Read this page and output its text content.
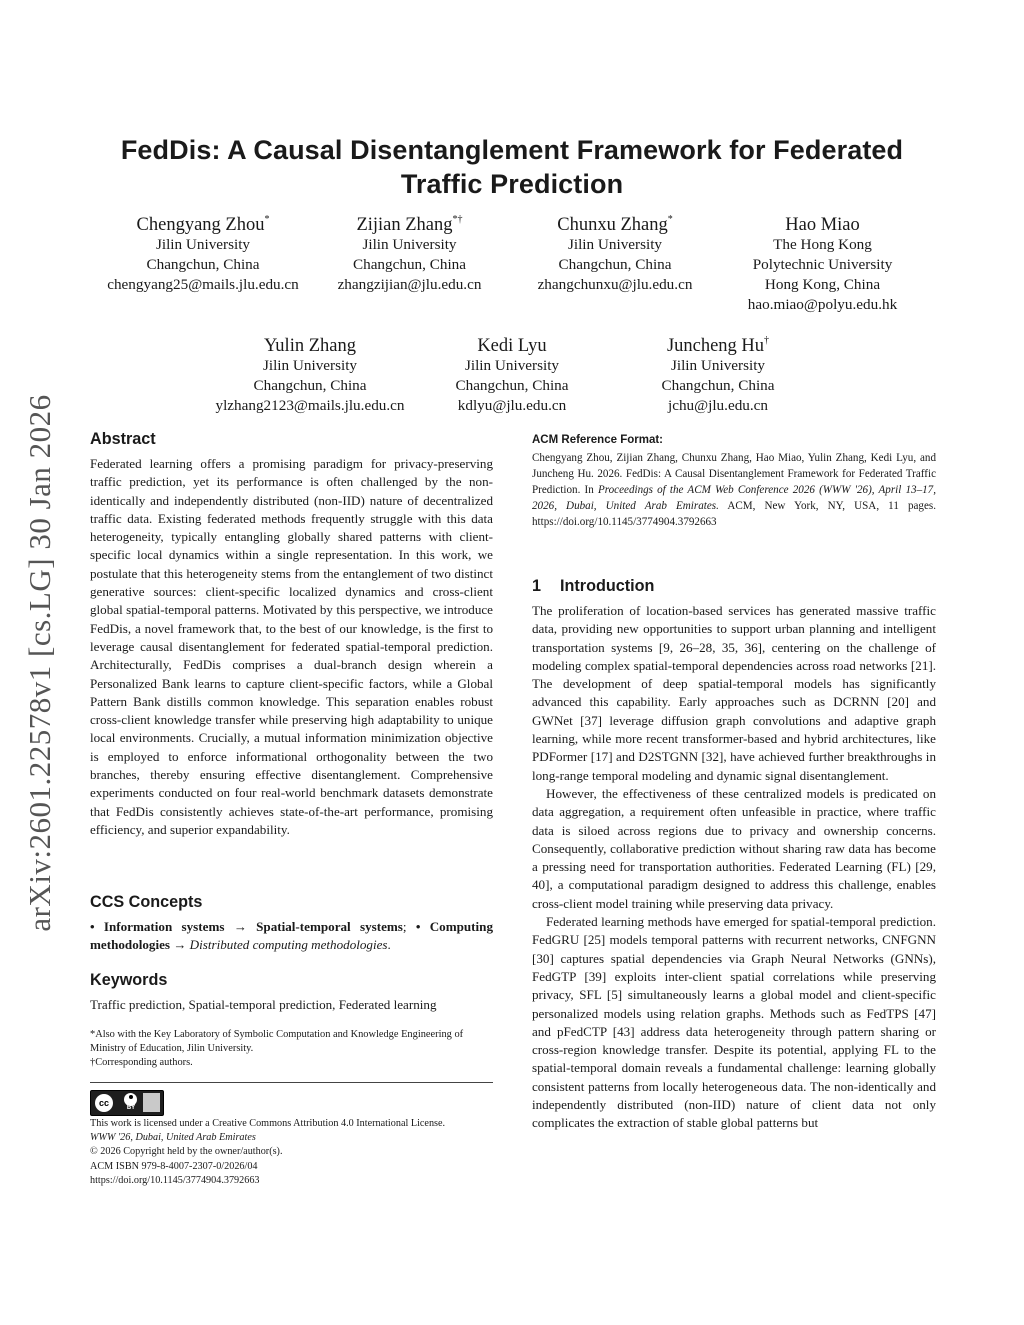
arXiv:2601.22578v1 [cs.LG] 30 Jan 2026
FedDis: A Causal Disentanglement Framework for Federated Traffic Prediction
Chengyang Zhou*
Jilin University
Changchun, China
chengyang25@mails.jlu.edu.cn
Zijian Zhang*†
Jilin University
Changchun, China
zhangzijian@jlu.edu.cn
Chunxu Zhang*
Jilin University
Changchun, China
zhangchunxu@jlu.edu.cn
Hao Miao
The Hong Kong
Polytechnic University
Hong Kong, China
hao.miao@polyu.edu.hk
Yulin Zhang
Jilin University
Changchun, China
ylzhang2123@mails.jlu.edu.cn
Kedi Lyu
Jilin University
Changchun, China
kdlyu@jlu.edu.cn
Juncheng Hu†
Jilin University
Changchun, China
jchu@jlu.edu.cn
Abstract

Federated learning offers a promising paradigm for privacy-preserving traffic prediction, yet its performance is often challenged by the non-identically and independently distributed (non-IID) nature of decentralized traffic data. Existing federated methods frequently struggle with this data heterogeneity, typically entangling globally shared patterns with client-specific local dynamics within a single representation. In this work, we postulate that this heterogeneity stems from the entanglement of two distinct generative sources: client-specific localized dynamics and cross-client global spatial-temporal patterns. Motivated by this perspective, we introduce FedDis, a novel framework that, to the best of our knowledge, is the first to leverage causal disentanglement for federated spatial-temporal prediction. Architecturally, FedDis comprises a dual-branch design wherein a Personalized Bank learns to capture client-specific factors, while a Global Pattern Bank distills common knowledge. This separation enables robust cross-client knowledge transfer while preserving high adaptability to unique local environments. Crucially, a mutual information minimization objective is employed to enforce informational orthogonality between the two branches, thereby ensuring effective disentanglement. Comprehensive experiments conducted on four real-world benchmark datasets demonstrate that FedDis consistently achieves state-of-the-art performance, promising efficiency, and superior expandability.

CCS Concepts

• Information systems → Spatial-temporal systems; • Computing methodologies → Distributed computing methodologies.

Keywords

Traffic prediction, Spatial-temporal prediction, Federated learning

*Also with the Key Laboratory of Symbolic Computation and Knowledge Engineering of Ministry of Education, Jilin University.
†Corresponding authors.
cc	BY
This work is licensed under a Creative Commons Attribution 4.0 International License.
WWW '26, Dubai, United Arab Emirates
© 2026 Copyright held by the owner/author(s).
ACM ISBN 979-8-4007-2307-0/2026/04
https://doi.org/10.1145/3774904.3792663
ACM Reference Format:

Chengyang Zhou, Zijian Zhang, Chunxu Zhang, Hao Miao, Yulin Zhang, Kedi Lyu, and Juncheng Hu. 2026. FedDis: A Causal Disentanglement Framework for Federated Traffic Prediction. In Proceedings of the ACM Web Conference 2026 (WWW '26), April 13–17, 2026, Dubai, United Arab Emirates. ACM, New York, NY, USA, 11 pages. https://doi.org/10.1145/3774904.3792663

1 Introduction

The proliferation of location-based services has generated massive traffic data, providing new opportunities to support urban planning and intelligent transportation systems [9, 26–28, 35, 36], centering on the challenge of modeling complex spatial-temporal dependencies across road networks [21]. The development of deep spatial-temporal models has significantly advanced this capability. Early approaches such as DCRNN [20] and GWNet [37] leverage diffusion graph convolutions and adaptive graph learning, while more recent transformer-based and hybrid architectures, like PDFormer [17] and D2STGNN [32], have achieved further breakthroughs in long-range temporal modeling and dynamic signal disentanglement.

However, the effectiveness of these centralized models is predicated on data aggregation, a requirement often unfeasible in practice, where traffic data is siloed across regions due to privacy and ownership concerns. Consequently, collaborative prediction without sharing raw data has become a pressing need for transportation authorities. Federated Learning (FL) [29, 40], a computational paradigm designed to address this challenge, enables cross-client model training while preserving data privacy.

Federated learning methods have emerged for spatial-temporal prediction. FedGRU [25] models temporal patterns with recurrent networks, CNFGNN [30] captures spatial dependencies via Graph Neural Networks (GNNs), FedGTP [39] exploits inter-client spatial correlations while preserving privacy, SFL [5] simultaneously learns a global model and client-specific personalized models using relation graphs. Methods such as FedTPS [47] and pFedCTP [43] address data heterogeneity through pattern sharing or cross-region knowledge transfer. Despite its potential, applying FL to the spatial-temporal domain reveals a fundamental challenge: learning globally consistent patterns from locally heterogeneous data. The non-identically and independently distributed (non-IID) nature of client data not only complicates the extraction of stable global patterns but
